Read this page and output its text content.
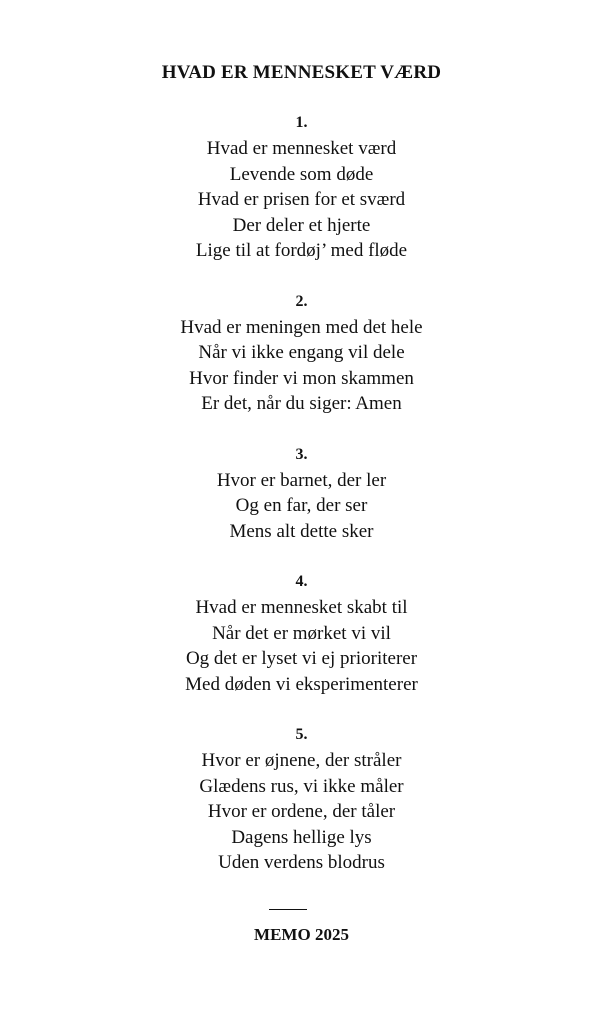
HVAD ER MENNESKET VÆRD
1.
Hvad er mennesket værd
Levende som døde
Hvad er prisen for et sværd
Der deler et hjerte
Lige til at fordøj’ med fløde
2.
Hvad er meningen med det hele
Når vi ikke engang vil dele
Hvor finder vi mon skammen
Er det, når du siger: Amen
3.
Hvor er barnet, der ler
Og en far, der ser
Mens alt dette sker
4.
Hvad er mennesket skabt til
Når det er mørket vi vil
Og det er lyset vi ej prioriterer
Med døden vi eksperimenterer
5.
Hvor er øjnene, der stråler
Glædens rus, vi ikke måler
Hvor er ordene, der tåler
Dagens hellige lys
Uden verdens blodrus
MEMO 2025
